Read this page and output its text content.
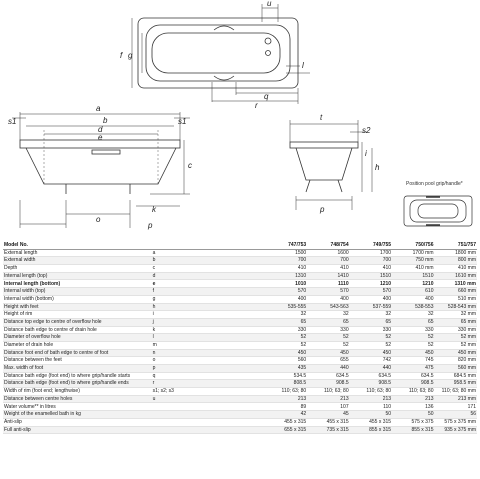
u
l
g
f
q
r
a
b
s1	s1
d
e
c
k
o
p
t
s2
h
p
i
Position pool grip/handle*
Model No.		747/753	748/754	749/755	750/756	751/757
External length	a	1500	1600	1700	1700 mm	1800 mm
External width	b	700	700	700	750 mm	800 mm
Depth	c	410	410	410	410 mm	410 mm
Internal length (top)	d	1310	1410	1510	1510	1610 mm
Internal length (bottom)	e	1010	1110	1210	1210	1310 mm
Internal width (top)	f	570	570	570	610	660 mm
Internal width (bottom)	g	400	400	400	400	510 mm
Height with feet	h	535-555	543-563	537-559	538-553	528-543 mm
Height of rim	i	32	32	32	32	32 mm
Distance top edge to centre of overflow hole	j	65	65	65	65	65 mm
Distance bath edge to centre of drain hole	k	330	330	330	330	330 mm
Diameter of overflow hole	l	52	52	52	52	52 mm
Diameter of drain hole	m	52	52	52	52	52 mm
Distance foot end of bath edge to centre of foot	n	450	450	450	450	450 mm
Distance between the feet	o	560	655	742	745	820 mm
Max. width of foot	p	435	440	440	475	560 mm
Distance bath edge (foot end) to where grip/handle starts	q	534.5	634.5	634.5	634.5	684.5 mm
Distance bath edge (foot end) to where grip/handle ends	r	808.5	908.5	908.5	908.5	958.5 mm
Width of rim (foot end; lengthwise)	s1; s2; s3	110; 63; 80	110; 63; 80	110; 63; 80	110; 63; 80	110; 63; 80 mm
Distance between centre holes	u	213	213	213	213	213 mm
Water volume** in litres		89	107	110	136	171
Weight of the enamelled bath in kg		42	45	50	50	56
Anti-slip		455 x 315	455 x 315	455 x 315	575 x 375	575 x 375 mm
Full anti-slip		655 x 315	735 x 315	855 x 315	855 x 315	935 x 375 mm
